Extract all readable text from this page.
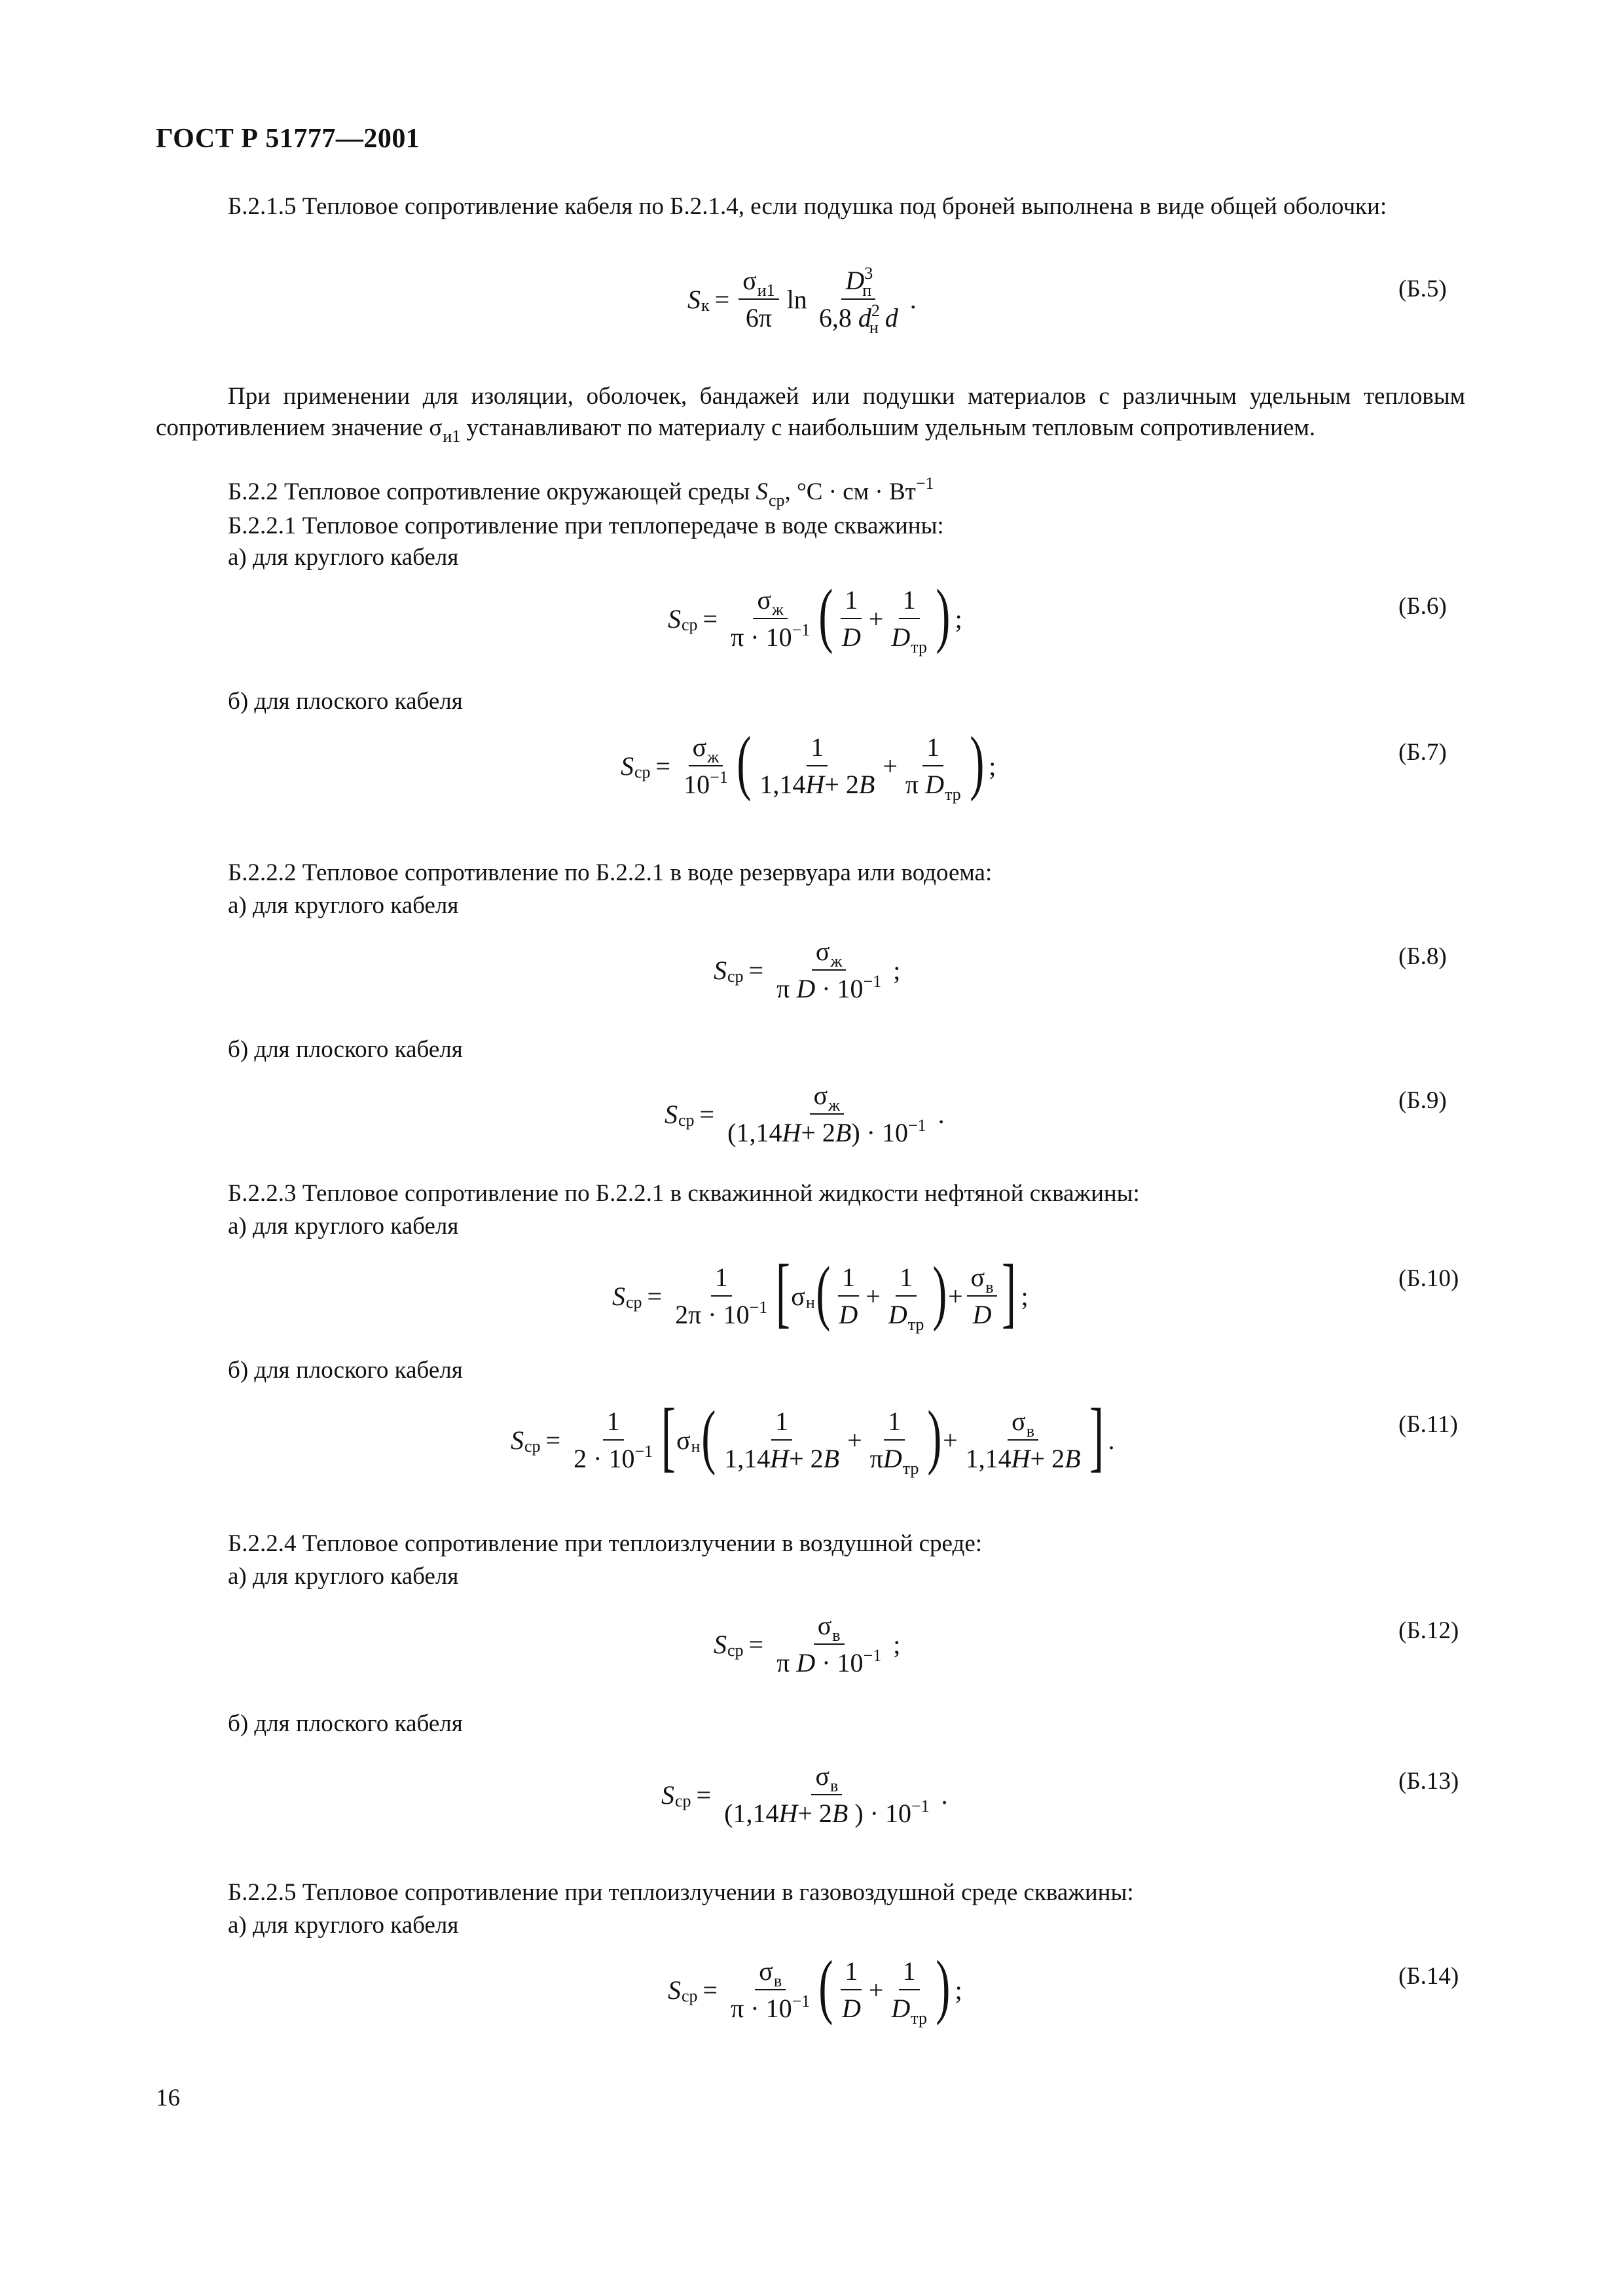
ГОСТ Р 51777—2001
Б.2.1.5 Тепловое сопротивление кабеля по Б.2.1.4, если подушка под броней выполнена в виде общей оболочки:
S $к = \frac{\sigma_{и1}}{6\pi}$ $\ln \frac{D^3_п}{6,8 d^2_н d}$ .	(Б.5)
При применении для изоляции, оболочек, бандажей или подушки материалов с различным удельным тепловым сопротивлением значение $\sigma_{и1}$ устанавливают по материалу с наибольшим удельным тепловым сопротивлением.
Б.2.2 Тепловое сопротивление окружающей среды $S_{ср}$, °С · см · $Вт^{-1}$
Б.2.2.1 Тепловое сопротивление при теплопередаче в воде скважины:
а) для круглого кабеля
S ср = $\frac{\sigma_ж}{\pi \cdot 10^{-1}}$ ( $\frac{1}{D} + \frac{1}{D_{тр}}$ ) ;	(Б.6)
б) для плоского кабеля
S ср = $\frac{\sigma_ж}{10^{-1}}$ ( $\frac{1}{1,14H+ 2B} + \frac{1}{\pi D_{тр}}$ ) ;	(Б.7)
Б.2.2.2 Тепловое сопротивление по Б.2.2.1 в воде резервуара или водоема:
а) для круглого кабеля
S ср = $\frac{\sigma_ж}{\pi D \cdot 10^{-1}}$ ;	(Б.8)
б) для плоского кабеля
S ср = $\frac{\sigma_ж}{(1,14H+ 2B) \cdot 10^{-1}}$ .	(Б.9)
Б.2.2.3 Тепловое сопротивление по Б.2.2.1 в скважинной жидкости нефтяной скважины:
а) для круглого кабеля
S ср = $\frac{1}{2\pi \cdot 10^{-1}}$ [ σ н ( $\frac{1}{D} + \frac{1}{D_{тр}}$ ) + $\frac{\sigma_в}{D}$ ] ;
(Б.10)
б) для плоского кабеля
S ср = $\frac{1}{2 \cdot 10^{-1}}$ [ σ н ( $\frac{1}{1,14H+ 2B} + \frac{1}{\pi D_{тр}}$ ) + $\frac{\sigma_в}{1,14H+ 2B}$ ] .
(Б.11)
Б.2.2.4 Тепловое сопротивление при теплоизлучении в воздушной среде:
а) для круглого кабеля
S ср = $\frac{\sigma_в}{\pi D \cdot 10^{-1}}$ ;	(Б.12)
б) для плоского кабеля
S ср = $\frac{\sigma_в}{(1,14H+ 2B ) \cdot 10^{-1}}$ .	(Б.13)
Б.2.2.5 Тепловое сопротивление при теплоизлучении в газовоздушной среде скважины:
а) для круглого кабеля
S ср = $\frac{\sigma_в}{\pi \cdot 10^{-1}}$ ( $\frac{1}{D} + \frac{1}{D_{тр}}$ ) ;	(Б.14)
16
